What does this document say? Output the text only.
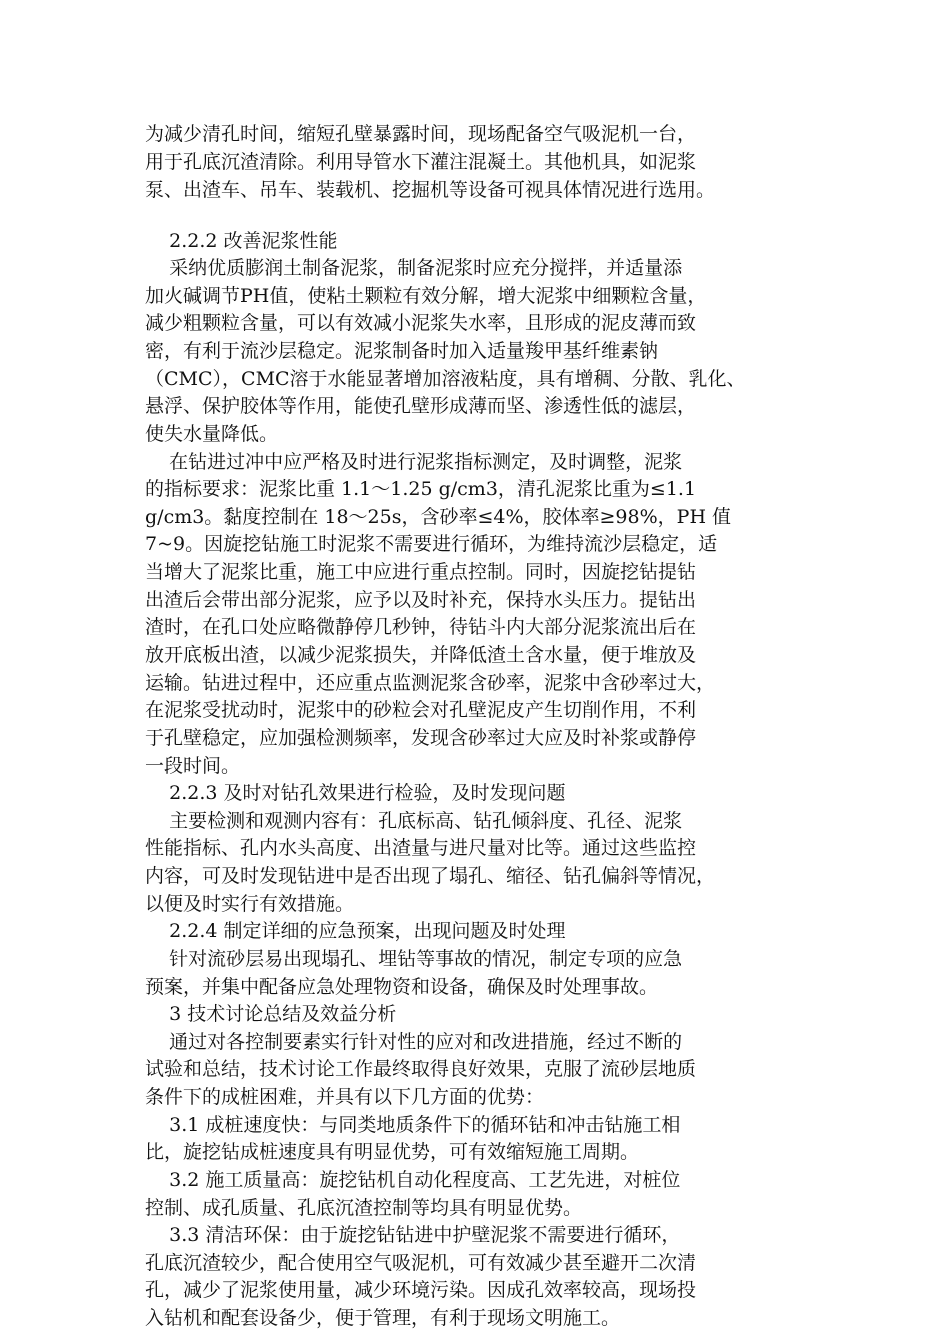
为减少清孔时间，缩短孔壁暴露时间，现场配备空气吸泥机一台，
用于孔底沉渣清除。利用导管水下灌注混凝土。其他机具，如泥浆
泵、出渣车、吊车、装载机、挖掘机等设备可视具体情况进行选用。
2.2.2 改善泥浆性能
采纳优质膨润土制备泥浆，制备泥浆时应充分搅拌，并适量添
加火碱调节PH值，使粘土颗粒有效分解，增大泥浆中细颗粒含量，
减少粗颗粒含量，可以有效减小泥浆失水率，且形成的泥皮薄而致
密，有利于流沙层稳定。泥浆制备时加入适量羧甲基纤维素钠
（CMC），CMC溶于水能显著增加溶液粘度，具有增稠、分散、乳化、
悬浮、保护胶体等作用，能使孔壁形成薄而坚、渗透性低的滤层，
使失水量降低。
在钻进过冲中应严格及时进行泥浆指标测定，及时调整，泥浆
的指标要求：泥浆比重 1.1～1.25 g/cm3，清孔泥浆比重为≤1.1
g/cm3。黏度控制在 18～25s，含砂率≤4%，胶体率≥98%，PH 值
7~9。因旋挖钻施工时泥浆不需要进行循环，为维持流沙层稳定，适
当增大了泥浆比重，施工中应进行重点控制。同时，因旋挖钻提钻
出渣后会带出部分泥浆，应予以及时补充，保持水头压力。提钻出
渣时，在孔口处应略微静停几秒钟，待钻斗内大部分泥浆流出后在
放开底板出渣，以减少泥浆损失，并降低渣土含水量，便于堆放及
运输。钻进过程中，还应重点监测泥浆含砂率，泥浆中含砂率过大，
在泥浆受扰动时，泥浆中的砂粒会对孔壁泥皮产生切削作用，不利
于孔壁稳定，应加强检测频率，发现含砂率过大应及时补浆或静停
一段时间。
2.2.3 及时对钻孔效果进行检验，及时发现问题
主要检测和观测内容有：孔底标高、钻孔倾斜度、孔径、泥浆
性能指标、孔内水头高度、出渣量与进尺量对比等。通过这些监控
内容，可及时发现钻进中是否出现了塌孔、缩径、钻孔偏斜等情况，
以便及时实行有效措施。
2.2.4 制定详细的应急预案，出现问题及时处理
针对流砂层易出现塌孔、埋钻等事故的情况，制定专项的应急
预案，并集中配备应急处理物资和设备，确保及时处理事故。
3 技术讨论总结及效益分析
通过对各控制要素实行针对性的应对和改进措施，经过不断的
试验和总结，技术讨论工作最终取得良好效果，克服了流砂层地质
条件下的成桩困难，并具有以下几方面的优势：
3.1 成桩速度快：与同类地质条件下的循环钻和冲击钻施工相
比，旋挖钻成桩速度具有明显优势，可有效缩短施工周期。
3.2 施工质量高：旋挖钻机自动化程度高、工艺先进，对桩位
控制、成孔质量、孔底沉渣控制等均具有明显优势。
3.3 清洁环保：由于旋挖钻钻进中护壁泥浆不需要进行循环，
孔底沉渣较少，配合使用空气吸泥机，可有效减少甚至避开二次清
孔，减少了泥浆使用量，减少环境污染。因成孔效率较高，现场投
入钻机和配套设备少，便于管理，有利于现场文明施工。
